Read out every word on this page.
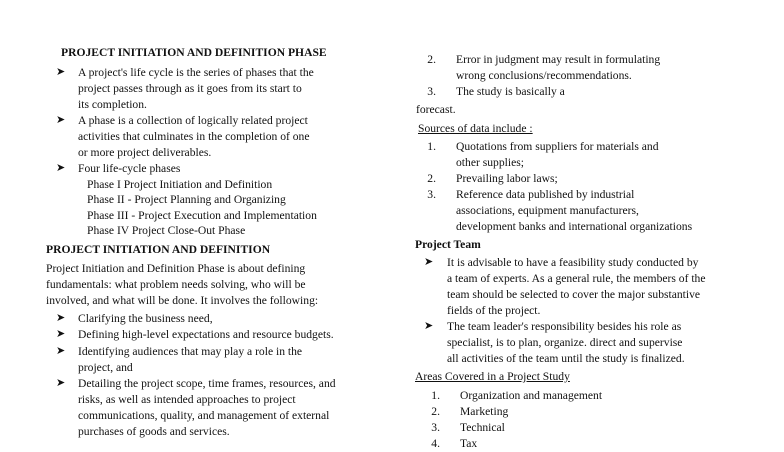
PROJECT INITIATION AND DEFINITION PHASE
➤ A project's life cycle is the series of phases that the
project passes through as it goes from its start to
its completion.
➤ A phase is a collection of logically related project
activities that culminates in the completion of one
or more project deliverables.
➤ Four life-cycle phases
Phase I Project Initiation and Definition
Phase II - Project Planning and Organizing
Phase III - Project Execution and Implementation
Phase IV Project Close-Out Phase
PROJECT INITIATION AND DEFINITION
Project Initiation and Definition Phase is about defining
fundamentals: what problem needs solving, who will be
involved, and what will be done. It involves the following:
➤ Clarifying the business need,
➤ Defining high-level expectations and resource budgets.
➤ Identifying audiences that may play a role in the
project, and
➤ Detailing the project scope, time frames, resources, and
risks, as well as intended approaches to project
communications, quality, and management of external
purchases of goods and services.
2. Error in judgment may result in formulating
wrong conclusions/recommendations.
3. The study is basically a
forecast.
Sources of data include :
1. Quotations from suppliers for materials and
other supplies;
2. Prevailing labor laws;
3. Reference data published by industrial
associations, equipment manufacturers,
development banks and international organizations
Project Team
➤ It is advisable to have a feasibility study conducted by
a team of experts. As a general rule, the members of the
team should be selected to cover the major substantive
fields of the project.
➤ The team leader's responsibility besides his role as
specialist, is to plan, organize. direct and supervise
all activities of the team until the study is finalized.
Areas Covered in a Project Study
1. Organization and management
2. Marketing
3. Technical
4. Tax
